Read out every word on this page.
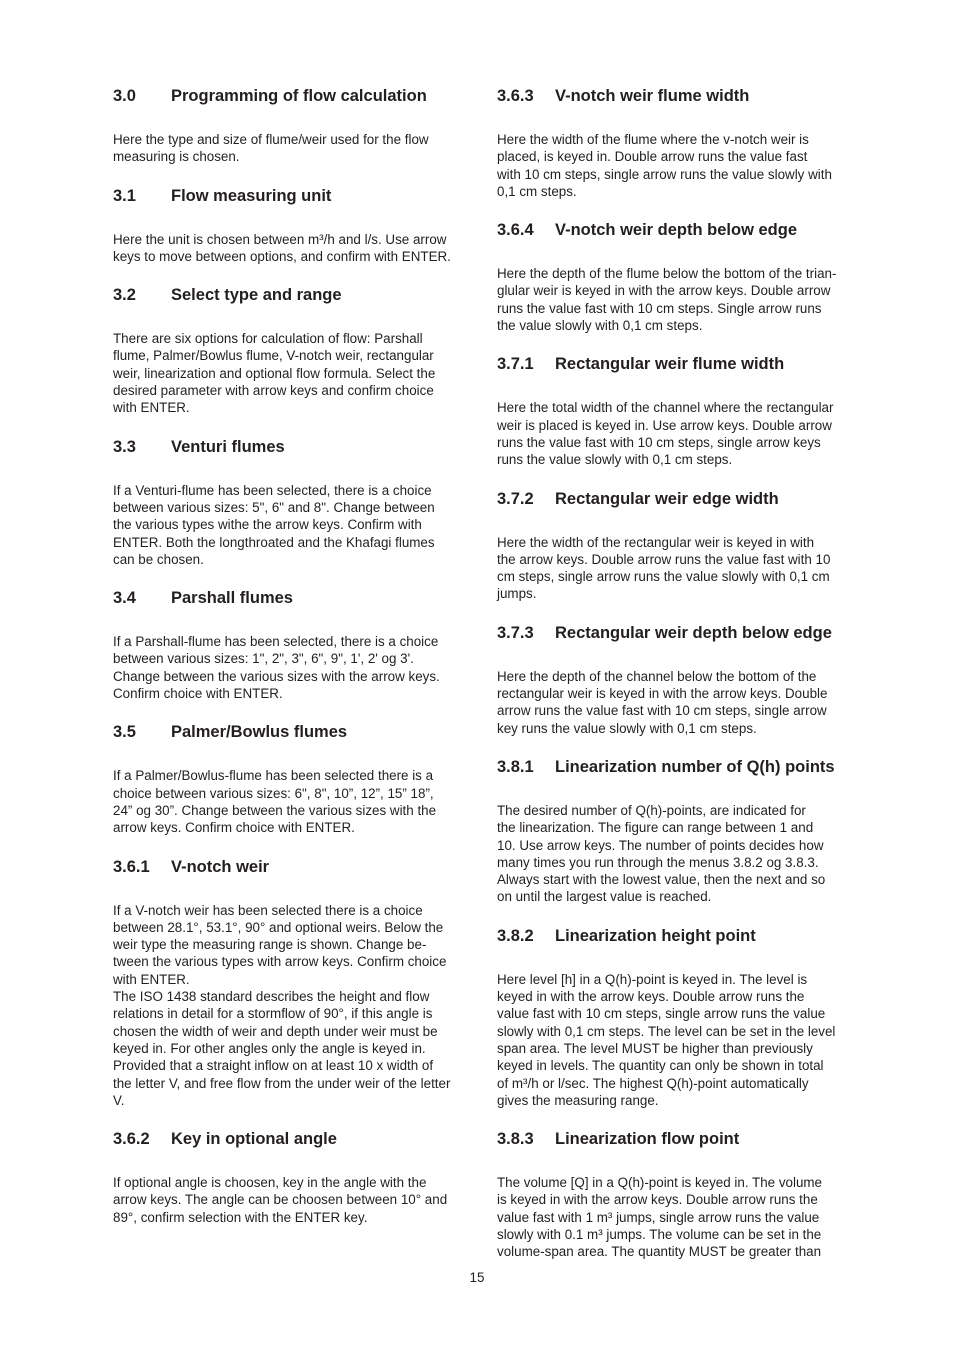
3.0	Programming of flow calculation

Here the type and size of flume/weir used for the flow
measuring is chosen.

3.1	Flow measuring unit

Here the unit is chosen between m³/h and l/s. Use arrow
keys to move between options, and confirm with ENTER.

3.2	Select type and range

There are six options for calculation of flow: Parshall
flume, Palmer/Bowlus flume, V-notch weir, rectangular
weir, linearization and optional flow formula. Select the
desired parameter with arrow keys and confirm choice
with ENTER.

3.3	Venturi flumes

If a Venturi-flume has been selected, there is a choice
between various sizes: 5", 6" and 8". Change between
the various types withe the arrow keys. Confirm with
ENTER. Both the longthroated and the Khafagi flumes
can be chosen.

3.4	Parshall flumes

If a Parshall-flume has been selected, there is a choice
between various sizes: 1", 2", 3", 6", 9", 1', 2' og 3'.
Change between the various sizes with the arrow keys.
Confirm choice with ENTER.

3.5	Palmer/Bowlus flumes

If a Palmer/Bowlus-flume has been selected there is a
choice between various sizes: 6", 8", 10”, 12”, 15” 18”,
24” og 30”. Change between the various sizes with the
arrow keys. Confirm choice with ENTER.

3.6.1	V-notch weir

If a V-notch weir has been selected there is a choice
between 28.1°, 53.1°, 90° and optional weirs. Below the
weir type the measuring range is shown. Change be-
tween the various types with arrow keys. Confirm choice
with ENTER.
The ISO 1438 standard describes the height and flow
relations in detail for a stormflow of 90°, if this angle is
chosen the width of weir and depth under weir must be
keyed in. For other angles only the angle is keyed in.
Provided that a straight inflow on at least 10 x width of
the letter V, and free flow from the under weir of the letter
V.

3.6.2	Key in optional angle

If optional angle is choosen, key in the angle with the
arrow keys. The angle can be choosen between 10° and
89°, confirm selection with the ENTER key.

3.6.3	V-notch weir flume width

Here the width of the flume where the v-notch weir is
placed, is keyed in. Double arrow runs the value fast
with 10 cm steps, single arrow runs the value slowly with
0,1 cm steps.

3.6.4	V-notch weir depth below edge

Here the depth of the flume below the bottom of the trian-
glular weir is keyed in with the arrow keys. Double arrow
runs the value fast with 10 cm steps. Single arrow runs
the value slowly with 0,1 cm steps.

3.7.1	Rectangular weir flume width

Here the total width of the channel where the rectangular
weir is placed is keyed in. Use arrow keys. Double arrow
runs the value fast with 10 cm steps, single arrow keys
runs the value slowly with 0,1 cm steps.

3.7.2	Rectangular weir edge width

Here the width of the rectangular weir is keyed in with
the arrow keys. Double arrow runs the value fast with 10
cm steps, single arrow runs the value slowly with 0,1 cm
jumps.

3.7.3	Rectangular weir depth below edge

Here the depth of the channel below the bottom of the
rectangular weir is keyed in with the arrow keys. Double
arrow runs the value fast with 10 cm steps, single arrow
key runs the value slowly with 0,1 cm steps.

3.8.1	Linearization number of Q(h) points

The desired number of Q(h)-points, are indicated for
the linearization. The figure can range between 1 and
10. Use arrow keys. The number of points decides how
many times you run through the menus 3.8.2 og 3.8.3.
Always start with the lowest value, then the next and so
on until the largest value is reached.

3.8.2	Linearization height point

Here level [h] in a Q(h)-point is keyed in. The level is
keyed in with the arrow keys. Double arrow runs the
value fast with 10 cm steps, single arrow runs the value
slowly with 0,1 cm steps. The level can be set in the level
span area. The level MUST be higher than previously
keyed in levels. The quantity can only be shown in total
of m³/h or l/sec. The highest Q(h)-point automatically
gives the measuring range.

3.8.3	Linearization flow point

The volume [Q] in a Q(h)-point is keyed in. The volume
is keyed in with the arrow keys. Double arrow runs the
value fast with 1 m³ jumps, single arrow runs the value
slowly with 0.1 m³ jumps. The volume can be set in the
volume-span area. The quantity MUST be greater than

15
